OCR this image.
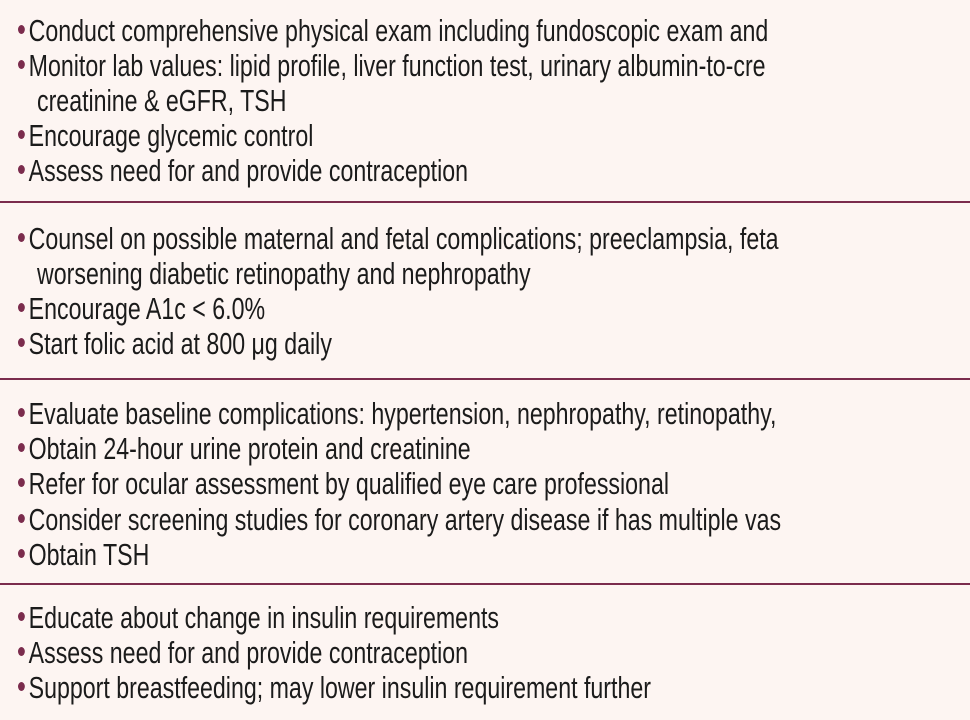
Conduct comprehensive physical exam including fundoscopic exam and
Monitor lab values: lipid profile, liver function test, urinary albumin-to-cre
creatinine & eGFR, TSH
Encourage glycemic control
Assess need for and provide contraception
Counsel on possible maternal and fetal complications; preeclampsia, feta
worsening diabetic retinopathy and nephropathy
Encourage A1c < 6.0%
Start folic acid at 800 μg daily
Evaluate baseline complications: hypertension, nephropathy, retinopathy,
Obtain 24-hour urine protein and creatinine
Refer for ocular assessment by qualified eye care professional
Consider screening studies for coronary artery disease if has multiple vas
Obtain TSH
Educate about change in insulin requirements
Assess need for and provide contraception
Support breastfeeding; may lower insulin requirement further
